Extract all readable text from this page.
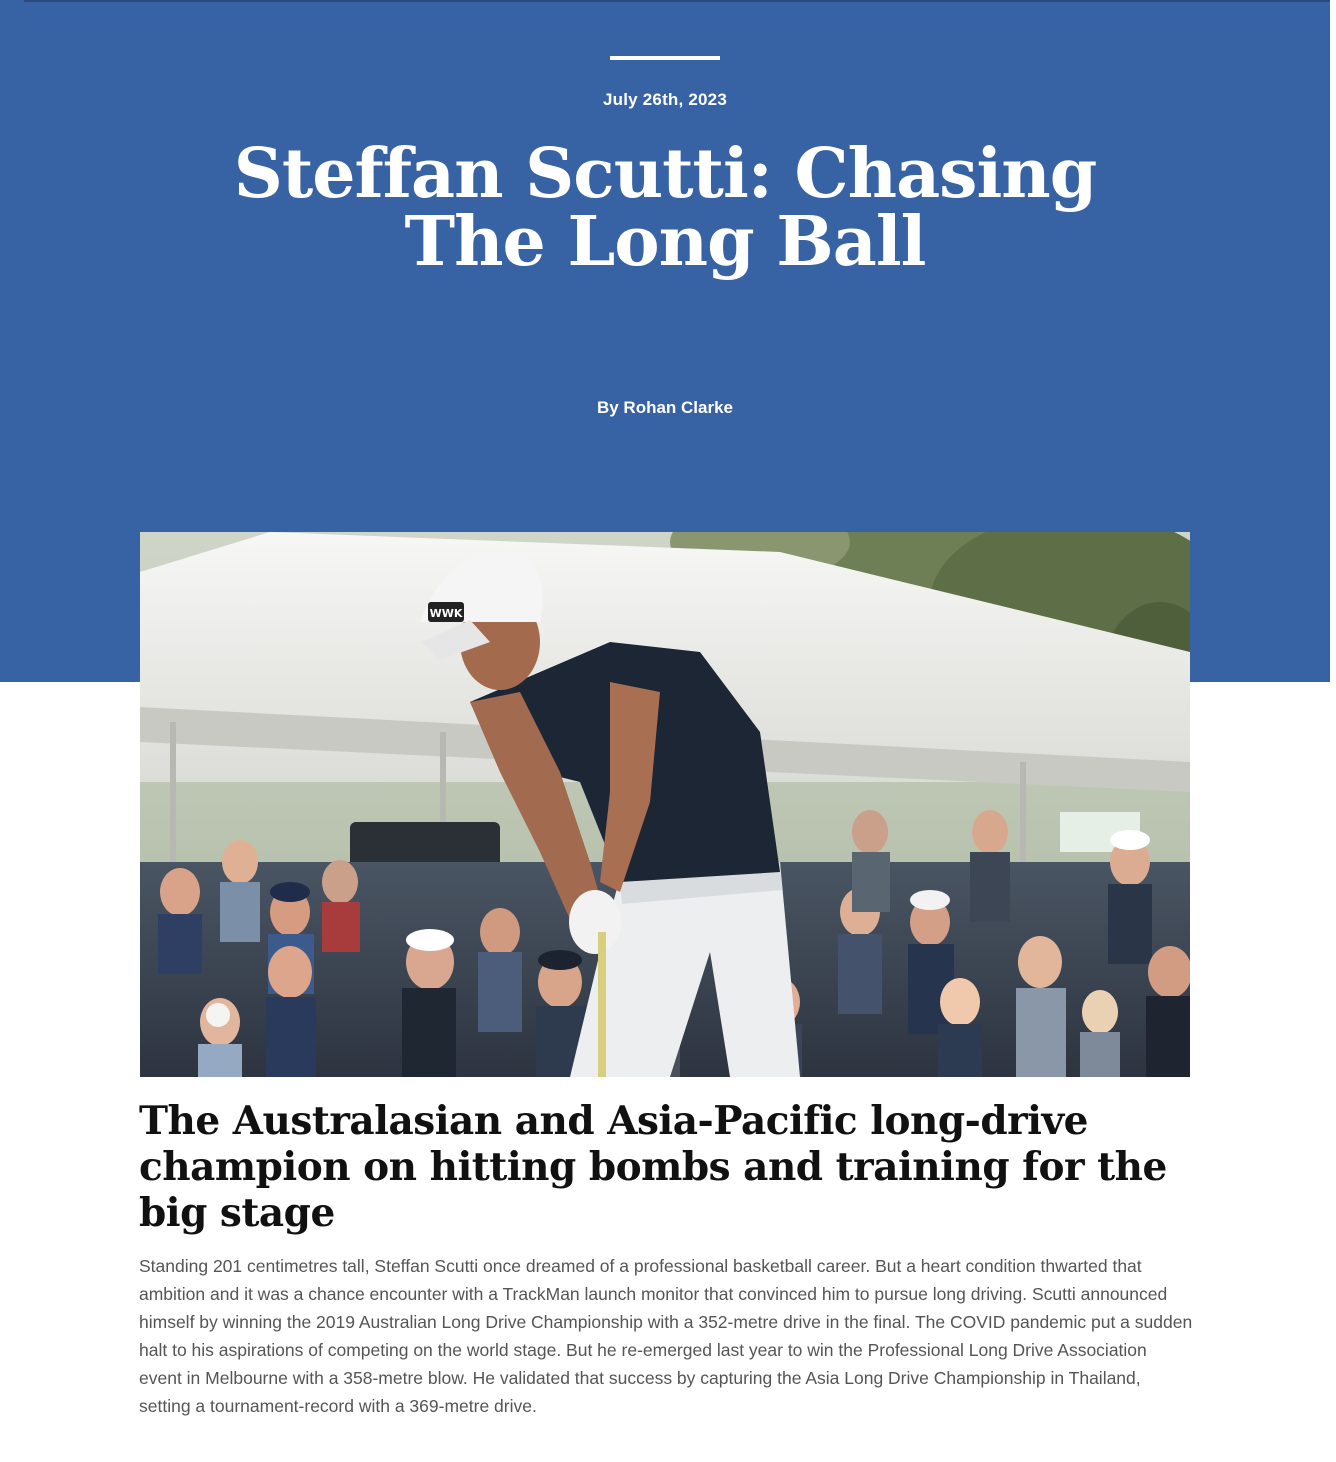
July 26th, 2023
Steffan Scutti: Chasing The Long Ball
By Rohan Clarke
WWK
The Australasian and Asia-Pacific long-drive champion on hitting bombs and training for the big stage

Standing 201 centimetres tall, Steffan Scutti once dreamed of a professional basketball career. But a heart condition thwarted that ambition and it was a chance encounter with a TrackMan launch monitor that convinced him to pursue long driving. Scutti announced himself by winning the 2019 Australian Long Drive Championship with a 352-metre drive in the final. The COVID pandemic put a sudden halt to his aspirations of competing on the world stage. But he re-emerged last year to win the Professional Long Drive Association event in Melbourne with a 358-metre blow. He validated that success by capturing the Asia Long Drive Championship in Thailand, setting a tournament-record with a 369-metre drive.
